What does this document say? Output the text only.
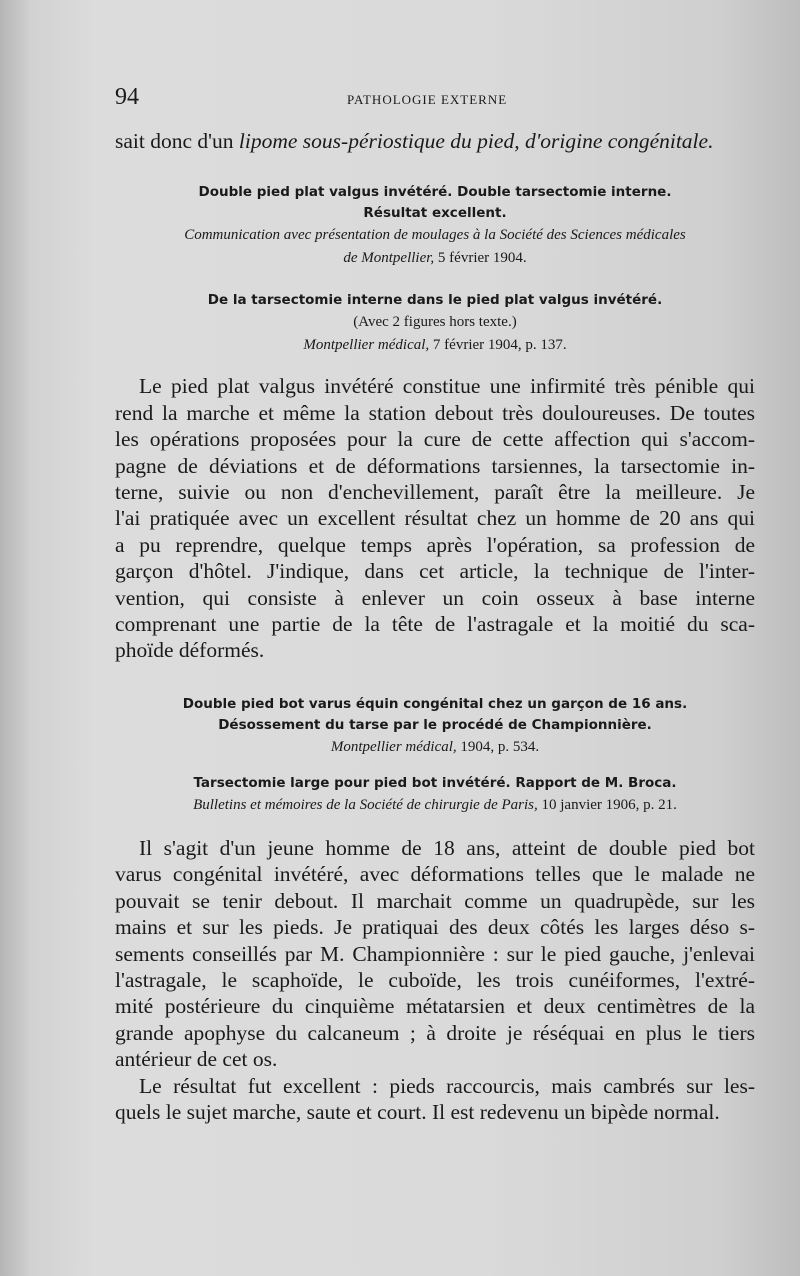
94	PATHOLOGIE EXTERNE
sait donc d'un lipome sous-périostique du pied, d'origine congénitale.
Double pied plat valgus invétéré. Double tarsectomie interne.
Résultat excellent.
Communication avec présentation de moulages à la Société des Sciences médicales
de Montpellier, 5 février 1904.
De la tarsectomie interne dans le pied plat valgus invétéré.
(Avec 2 figures hors texte.)
Montpellier médical, 7 février 1904, p. 137.
Le pied plat valgus invétéré constitue une infirmité très pénible qui
rend la marche et même la station debout très douloureuses. De toutes
les opérations proposées pour la cure de cette affection qui s'accom-
pagne de déviations et de déformations tarsiennes, la tarsectomie in-
terne, suivie ou non d'enchevillement, paraît être la meilleure. Je
l'ai pratiquée avec un excellent résultat chez un homme de 20 ans qui
a pu reprendre, quelque temps après l'opération, sa profession de
garçon d'hôtel. J'indique, dans cet article, la technique de l'inter-
vention, qui consiste à enlever un coin osseux à base interne
comprenant une partie de la tête de l'astragale et la moitié du sca-
phoïde déformés.
Double pied bot varus équin congénital chez un garçon de 16 ans.
Désossement du tarse par le procédé de Championnière.
Montpellier médical, 1904, p. 534.
Tarsectomie large pour pied bot invétéré. Rapport de M. Broca.
Bulletins et mémoires de la Société de chirurgie de Paris, 10 janvier 1906, p. 21.
Il s'agit d'un jeune homme de 18 ans, atteint de double pied bot
varus congénital invétéré, avec déformations telles que le malade ne
pouvait se tenir debout. Il marchait comme un quadrupède, sur les
mains et sur les pieds. Je pratiquai des deux côtés les larges déso s-
sements conseillés par M. Championnière : sur le pied gauche, j'enlevai
l'astragale, le scaphoïde, le cuboïde, les trois cunéiformes, l'extré-
mité postérieure du cinquième métatarsien et deux centimètres de la
grande apophyse du calcaneum ; à droite je réséquai en plus le tiers
antérieur de cet os.
Le résultat fut excellent : pieds raccourcis, mais cambrés sur les-
quels le sujet marche, saute et court. Il est redevenu un bipède normal.
